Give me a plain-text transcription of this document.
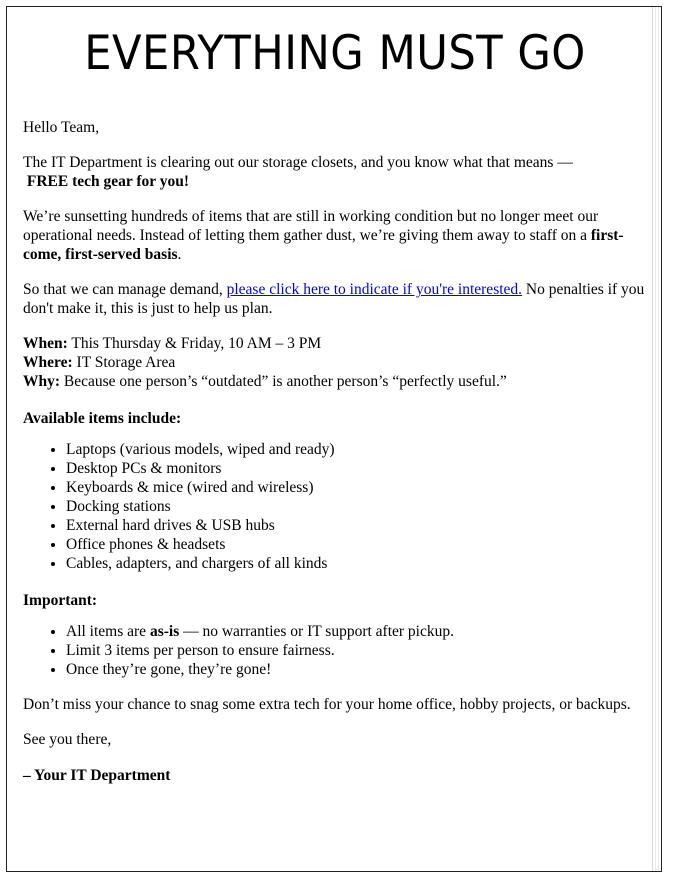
EVERYTHING MUST GO

Hello Team,

The IT Department is clearing out our storage closets, and you know what that means —
FREE tech gear for you!

We’re sunsetting hundreds of items that are still in working condition but no longer meet our operational needs. Instead of letting them gather dust, we’re giving them away to staff on a first-come, first-served basis.

So that we can manage demand, please click here to indicate if you're interested. No penalties if you don't make it, this is just to help us plan.

When: This Thursday & Friday, 10 AM – 3 PM
Where: IT Storage Area
Why: Because one person’s “outdated” is another person’s “perfectly useful.”

Available items include:

• Laptops (various models, wiped and ready)
• Desktop PCs & monitors
• Keyboards & mice (wired and wireless)
• Docking stations
• External hard drives & USB hubs
• Office phones & headsets
• Cables, adapters, and chargers of all kinds

Important:

• All items are as-is — no warranties or IT support after pickup.
• Limit 3 items per person to ensure fairness.
• Once they’re gone, they’re gone!

Don’t miss your chance to snag some extra tech for your home office, hobby projects, or backups.

See you there,

– Your IT Department
